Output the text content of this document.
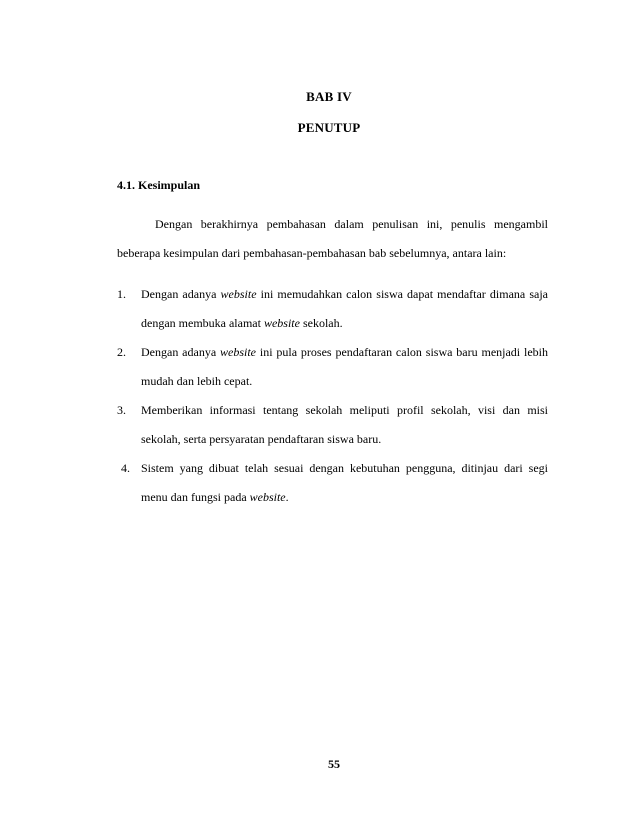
BAB IV
PENUTUP
4.1. Kesimpulan

Dengan berakhirnya pembahasan dalam penulisan ini, penulis mengambil beberapa kesimpulan dari pembahasan-pembahasan bab sebelumnya, antara lain:

1. Dengan adanya website ini memudahkan calon siswa dapat mendaftar dimana saja dengan membuka alamat website sekolah.
2. Dengan adanya website ini pula proses pendaftaran calon siswa baru menjadi lebih mudah dan lebih cepat.
3. Memberikan informasi tentang sekolah meliputi profil sekolah, visi dan misi sekolah, serta persyaratan pendaftaran siswa baru.
4. Sistem yang dibuat telah sesuai dengan kebutuhan pengguna, ditinjau dari segi menu dan fungsi pada website.
55
